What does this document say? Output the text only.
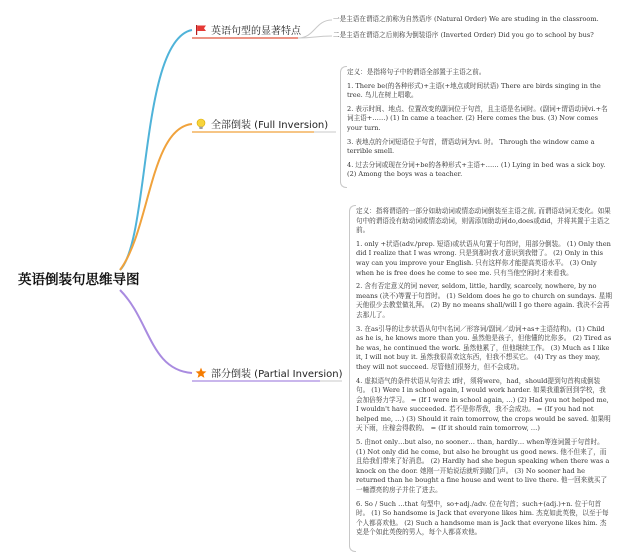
英语倒装句思维导图
英语句型的显著特点
一是主语在谓语之前称为自然语序 (Natural Order) We are studing in the classroom.
二是主语在谓语之后则称为倒装语序 (Inverted Order) Did you go to school by bus?
全部倒装 (Full Inversion)

定义：是指将句子中的谓语全部置于主语之前。

1. There be(的各种形式)+主语(+地点或时间状语) There are birds singing in the tree. 鸟儿在树上唱歌。

2. 表示时间、地点、位置改变的副词位于句首，且主语是名词时。(副词+谓语动词vi.+名词主语+……) (1) In came a teacher. (2) Here comes the bus. (3) Now comes your turn.

3. 表地点的介词短语位于句首，谓语动词为vi. 时。 Through the window came a terrible smell.

4. 过去分词或现在分词+be的各种形式+主语+…… (1) Lying in bed was a sick boy. (2) Among the boys was a teacher.

部分倒装 (Partial Inversion)

定义：指将谓语的一部分如助动词或情态动词倒装至主语之前, 而谓语动词无变化。如果句中的谓语没有助动词或情态动词，则需添加助动词do,does或did，并将其置于主语之前。

1. only +状语(adv./prep. 短语)或状语从句置于句首时，用部分倒装。 (1) Only then did I realize that I was wrong. 只是到那时我才意识到我错了。 (2) Only in this way can you improve your English. 只有这样你才能提高英语水平。 (3) Only when he is free does he come to see me. 只有当他空闲时才来看我。

2. 含有否定意义的词 never, seldom, little, hardly, scarcely, nowhere, by no means (决不)等置于句首时。 (1) Seldom does he go to church on sundays. 星期天他很少去教堂做礼拜。 (2) By no means shall/will I go there again. 我决不会再去那儿了。

3. 在as引导的让步状语从句中(名词／形容词/副词／动词+as+主语结构)。(1) Child as he is, he knows more than you. 虽然他是孩子，但他懂的比你多。 (2) Tired as he was, he continued the work. 虽然他累了，但他继续工作。 (3) Much as I like it, I will not buy it. 虽然我很喜欢这东西，但我不想买它。 (4) Try as they may, they will not succeed. 尽管他们很努力，但不会成功。

4. 虚拟语气的条件状语从句省去 if时，须将were，had，should提到句首构成倒装句。 (1) Were I in school again, I would work harder. 如果我重新回到学校，我会加倍努力学习。 = (If I were in school again, …) (2) Had you not helped me, I wouldn't have succeeded. 若不是你帮我，我不会成功。 = (If you had not helped me, …) (3) Should it rain tomorrow, the crops would be saved. 如果明天下雨，庄稼会得救的。 = (If it should rain tomorrow, …)

5. 由not only…but also, no sooner… than, hardly… when等连词置于句首时。 (1) Not only did he come, but also he brought us good news. 他不但来了，而且给我们带来了好消息。 (2) Hardly had she begun speaking when there was a knock on the door. 她刚一开始说话就听到敲门声。 (3) No sooner had he returned than he bought a fine house and went to live there. 他一回来就买了一幢漂亮的房子并住了进去。

6. So / Such …that 句型中，so+adj./adv. 位在句首；such+(adj.)+n. 位于句首时。 (1) So handsome is Jack that everyone likes him. 杰克如此英俊，以至于每个人都喜欢他。 (2) Such a handsome man is Jack that everyone likes him. 杰克是个如此英俊的男人，每个人都喜欢他。
